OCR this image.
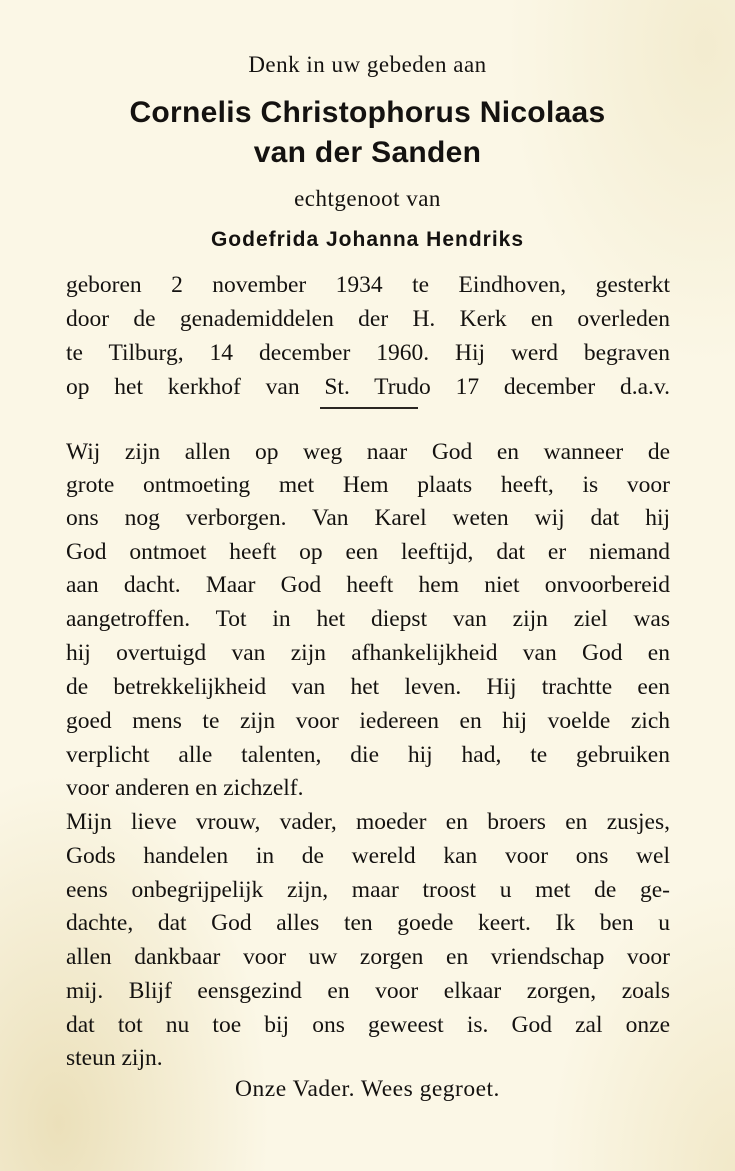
Denk in uw gebeden aan
Cornelis Christophorus Nicolaas
van der Sanden
echtgenoot van
Godefrida Johanna Hendriks
geboren 2 november 1934 te Eindhoven, gesterkt
door de genademiddelen der H. Kerk en overleden
te Tilburg, 14 december 1960. Hij werd begraven
op het kerkhof van St. Trudo 17 december d.a.v.
Wij zijn allen op weg naar God en wanneer de
grote ontmoeting met Hem plaats heeft, is voor
ons nog verborgen. Van Karel weten wij dat hij
God ontmoet heeft op een leeftijd, dat er niemand
aan dacht. Maar God heeft hem niet onvoorbereid
aangetroffen. Tot in het diepst van zijn ziel was
hij overtuigd van zijn afhankelijkheid van God en
de betrekkelijkheid van het leven. Hij trachtte een
goed mens te zijn voor iedereen en hij voelde zich
verplicht alle talenten, die hij had, te gebruiken
voor anderen en zichzelf.
Mijn lieve vrouw, vader, moeder en broers en zusjes,
Gods handelen in de wereld kan voor ons wel
eens onbegrijpelijk zijn, maar troost u met de ge-
dachte, dat God alles ten goede keert. Ik ben u
allen dankbaar voor uw zorgen en vriendschap voor
mij. Blijf eensgezind en voor elkaar zorgen, zoals
dat tot nu toe bij ons geweest is. God zal onze
steun zijn.
Onze Vader. Wees gegroet.
